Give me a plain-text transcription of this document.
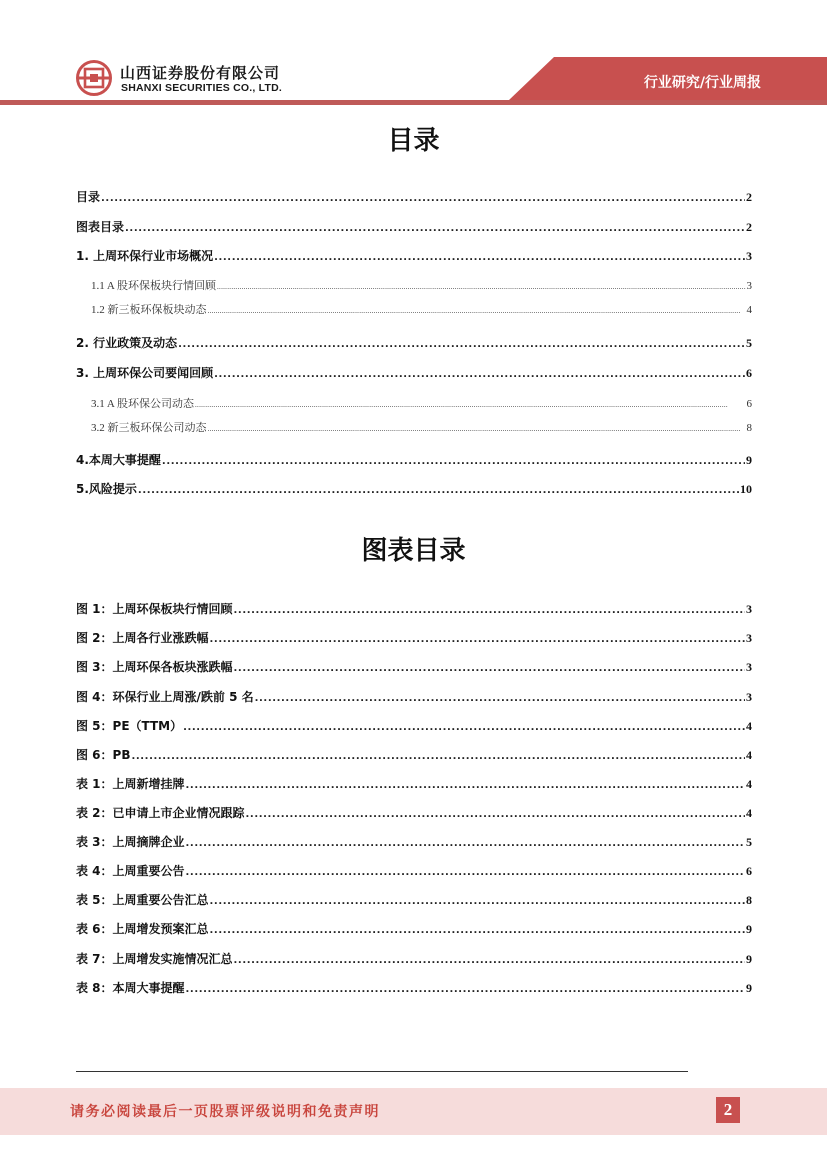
山西证券股份有限公司
SHANXI SECURITIES CO., LTD.	行业研究/行业周报
目录
目录 .....	2
图表目录 .....	2
1. 上周环保行业市场概况 .....	3
1.1 A 股环保板块行情回顾 .....	3
1.2 新三板环保板块动态 .....	4
2. 行业政策及动态 .....	5
3. 上周环保公司要闻回顾 .....	6
3.1 A 股环保公司动态 .....	6
3.2 新三板环保公司动态 .....	8
4.本周大事提醒 .....	9
5.风险提示 .....	10
图表目录
图 1：上周环保板块行情回顾 .....	3
图 2：上周各行业涨跌幅 .....	3
图 3：上周环保各板块涨跌幅 .....	3
图 4：环保行业上周涨/跌前 5 名 .....	3
图 5：PE（TTM） .....	4
图 6：PB .....	4
表 1：上周新增挂牌 .....	4
表 2：已申请上市企业情况跟踪 .....	4
表 3：上周摘牌企业 .....	5
表 4：上周重要公告 .....	6
表 5：上周重要公告汇总 .....	8
表 6：上周增发预案汇总 .....	9
表 7：上周增发实施情况汇总 .....	9
表 8：本周大事提醒 .....	9
请务必阅读最后一页股票评级说明和免责声明	2
